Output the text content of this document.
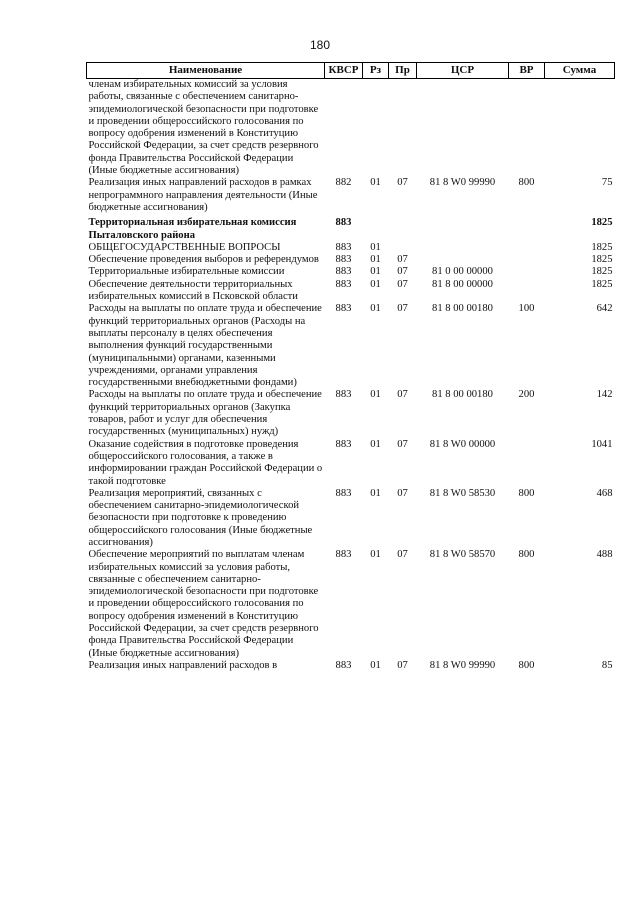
180
Наименование	КВСР	Рз	Пр	ЦСР	ВР	Сумма
членам избирательных комиссий за условия работы, связанные с обеспечением санитарно-эпидемиологической безопасности при подготовке и проведении общероссийского голосования по вопросу одобрения изменений в Конституцию Российской Федерации, за счет средств резервного фонда Правительства Российской Федерации (Иные бюджетные ассигнования)						
Реализация иных направлений расходов в рамках непрограммного направления деятельности (Иные бюджетные ассигнования)	882	01	07	81 8 W0 99990	800	75
Территориальная избирательная комиссия Пыталовского района	883					1825
ОБЩЕГОСУДАРСТВЕННЫЕ ВОПРОСЫ	883	01				1825
Обеспечение проведения выборов и референдумов	883	01	07			1825
Территориальные избирательные комиссии	883	01	07	81 0 00 00000		1825
Обеспечение деятельности территориальных избирательных комиссий в Псковской области	883	01	07	81 8 00 00000		1825
Расходы на выплаты по оплате труда и обеспечение функций территориальных органов (Расходы на выплаты персоналу в целях обеспечения выполнения функций государственными (муниципальными) органами, казенными учреждениями, органами управления государственными внебюджетными фондами)	883	01	07	81 8 00 00180	100	642
Расходы на выплаты по оплате труда и обеспечение функций территориальных органов (Закупка товаров, работ и услуг для обеспечения государственных (муниципальных) нужд)	883	01	07	81 8 00 00180	200	142
Оказание содействия в подготовке проведения общероссийского голосования, а также в информировании граждан Российской Федерации о такой подготовке	883	01	07	81 8 W0 00000		1041
Реализация мероприятий, связанных с обеспечением санитарно-эпидемиологической безопасности при подготовке к проведению общероссийского голосования (Иные бюджетные ассигнования)	883	01	07	81 8 W0 58530	800	468
Обеспечение мероприятий по выплатам членам избирательных комиссий за условия работы, связанные с обеспечением санитарно-эпидемиологической безопасности при подготовке и проведении общероссийского голосования по вопросу одобрения изменений в Конституцию Российской Федерации, за счет средств резервного фонда Правительства Российской Федерации (Иные бюджетные ассигнования)	883	01	07	81 8 W0 58570	800	488
Реализация иных направлений расходов в	883	01	07	81 8 W0 99990	800	85
